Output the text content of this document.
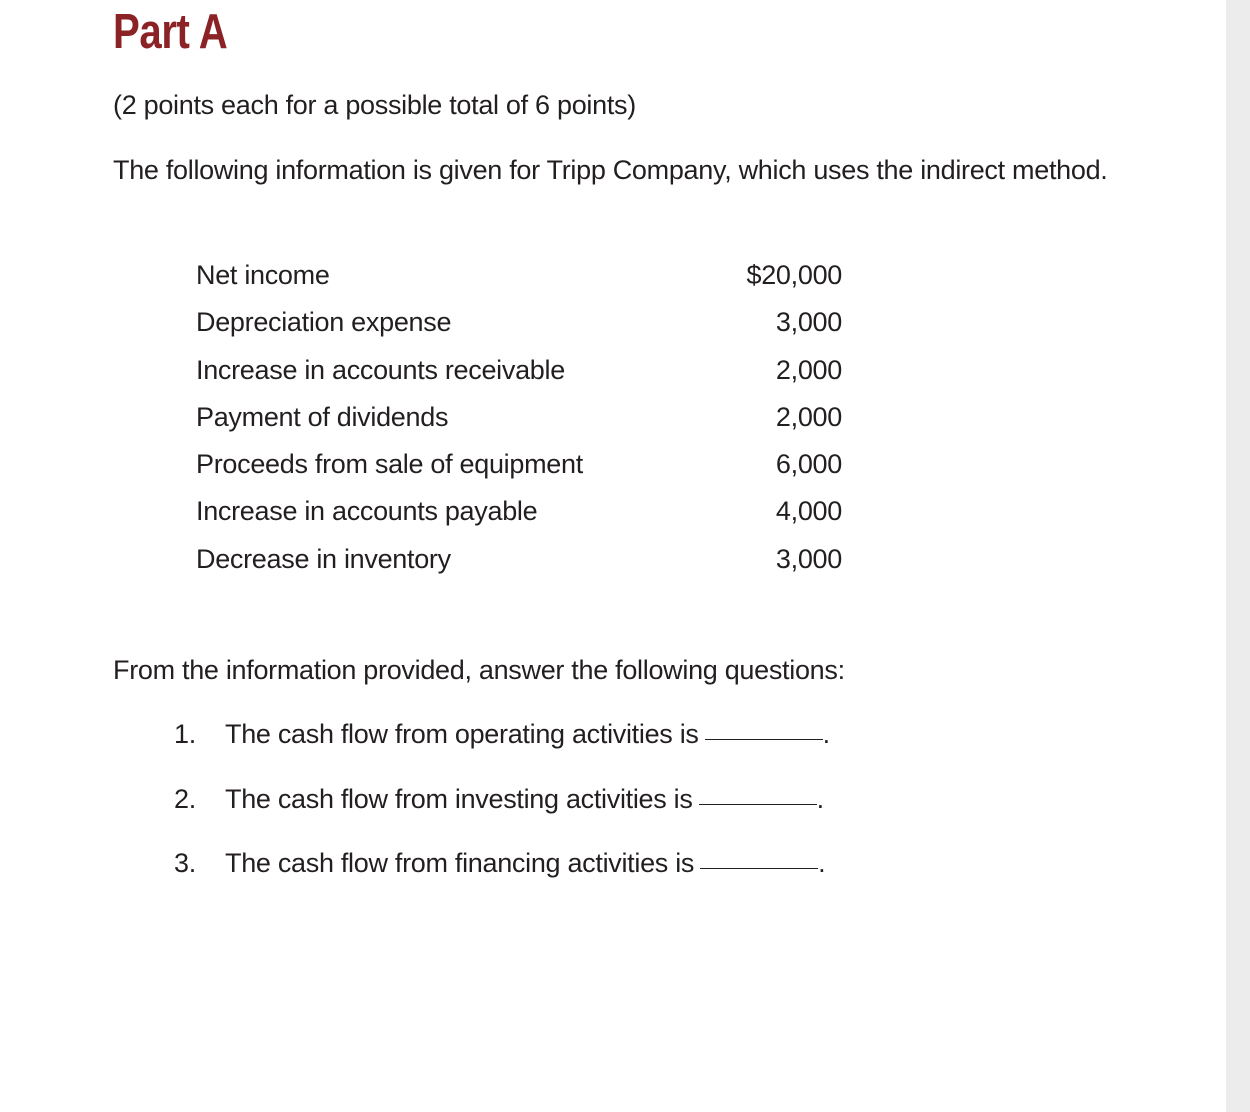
Part A
(2 points each for a possible total of 6 points)
The following information is given for Tripp Company, which uses the indirect method.
Net income	$20,000
Depreciation expense	3,000
Increase in accounts receivable	2,000
Payment of dividends	2,000
Proceeds from sale of equipment	6,000
Increase in accounts payable	4,000
Decrease in inventory	3,000
From the information provided, answer the following questions:
1. The cash flow from operating activities is	.
2. The cash flow from investing activities is	.
3. The cash flow from financing activities is	.
